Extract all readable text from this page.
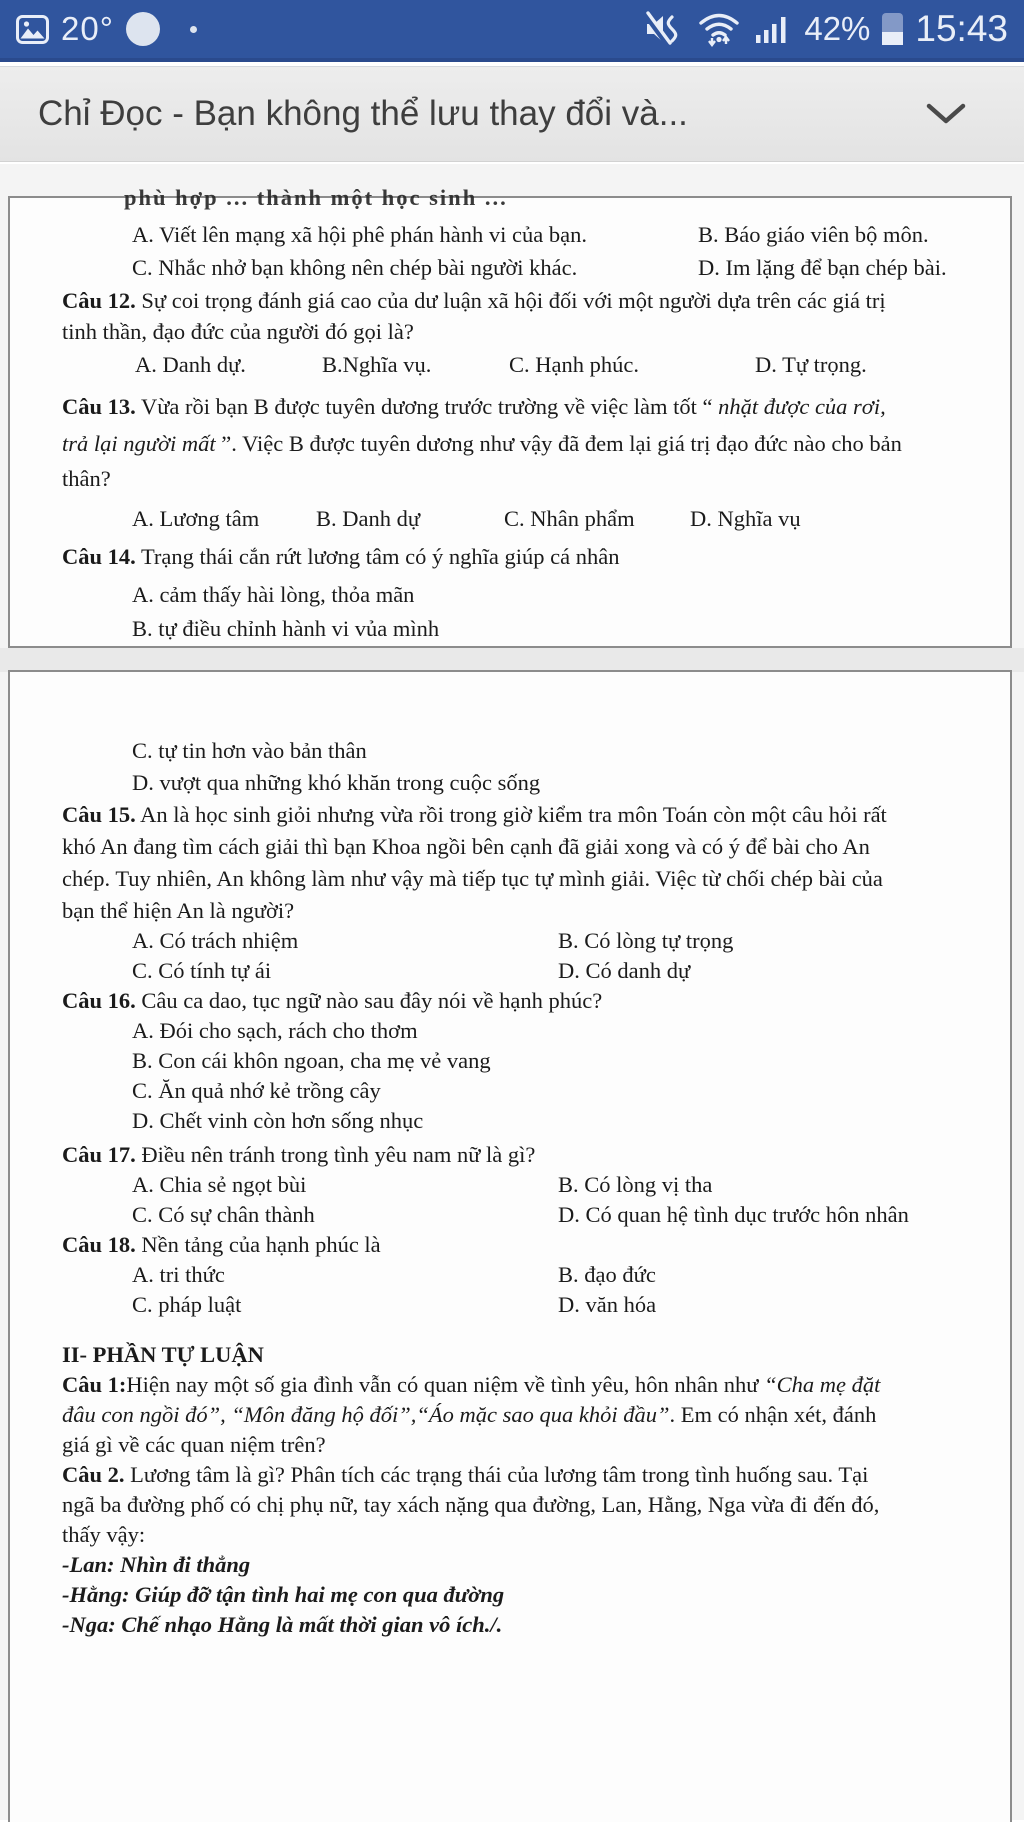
20°	42% 15:43
Chỉ Đọc - Bạn không thể lưu thay đổi và...
phù hợp ... thành một học sinh ...
A. Viết lên mạng xã hội phê phán hành vi của bạn.	B. Báo giáo viên bộ môn.
C. Nhắc nhở bạn không nên chép bài người khác.	D. Im lặng để bạn chép bài.
Câu 12. Sự coi trọng đánh giá cao của dư luận xã hội đối với một người dựa trên các giá trị
tinh thần, đạo đức của người đó gọi là?
A. Danh dự.	B.Nghĩa vụ.	C. Hạnh phúc.	D. Tự trọng.
Câu 13. Vừa rồi bạn B được tuyên dương trước trường về việc làm tốt “ nhặt được của rơi,
trả lại người mất ”. Việc B được tuyên dương như vậy đã đem lại giá trị đạo đức nào cho bản
thân?
A. Lương tâm	B. Danh dự	C. Nhân phẩm D. Nghĩa vụ
Câu 14. Trạng thái cắn rứt lương tâm có ý nghĩa giúp cá nhân
A. cảm thấy hài lòng, thỏa mãn
B. tự điều chỉnh hành vi vủa mình
C. tự tin hơn vào bản thân
D. vượt qua những khó khăn trong cuộc sống
Câu 15. An là học sinh giỏi nhưng vừa rồi trong giờ kiểm tra môn Toán còn một câu hỏi rất
khó An đang tìm cách giải thì bạn Khoa ngồi bên cạnh đã giải xong và có ý để bài cho An
chép. Tuy nhiên, An không làm như vậy mà tiếp tục tự mình giải. Việc từ chối chép bài của
bạn thể hiện An là người?
A. Có trách nhiệm	B. Có lòng tự trọng
C. Có tính tự ái	D. Có danh dự
Câu 16. Câu ca dao, tục ngữ nào sau đây nói về hạnh phúc?
A. Đói cho sạch, rách cho thơm
B. Con cái khôn ngoan, cha mẹ vẻ vang
C. Ăn quả nhớ kẻ trồng cây
D. Chết vinh còn hơn sống nhục
Câu 17. Điều nên tránh trong tình yêu nam nữ là gì?
A. Chia sẻ ngọt bùi	B. Có lòng vị tha
C. Có sự chân thành	D. Có quan hệ tình dục trước hôn nhân
Câu 18. Nền tảng của hạnh phúc là
A. tri thức	B. đạo đức
C. pháp luật	D. văn hóa
II- PHẦN TỰ LUẬN
Câu 1:Hiện nay một số gia đình vẫn có quan niệm về tình yêu, hôn nhân như “Cha mẹ đặt
đâu con ngồi đó”, “Môn đăng hộ đối”,“Áo mặc sao qua khỏi đầu”. Em có nhận xét, đánh
giá gì về các quan niệm trên?
Câu 2. Lương tâm là gì? Phân tích các trạng thái của lương tâm trong tình huống sau. Tại
ngã ba đường phố có chị phụ nữ, tay xách nặng qua đường, Lan, Hằng, Nga vừa đi đến đó,
thấy vậy:
-Lan: Nhìn đi thẳng
-Hằng: Giúp đỡ tận tình hai mẹ con qua đường
-Nga: Chế nhạo Hằng là mất thời gian vô ích./.
